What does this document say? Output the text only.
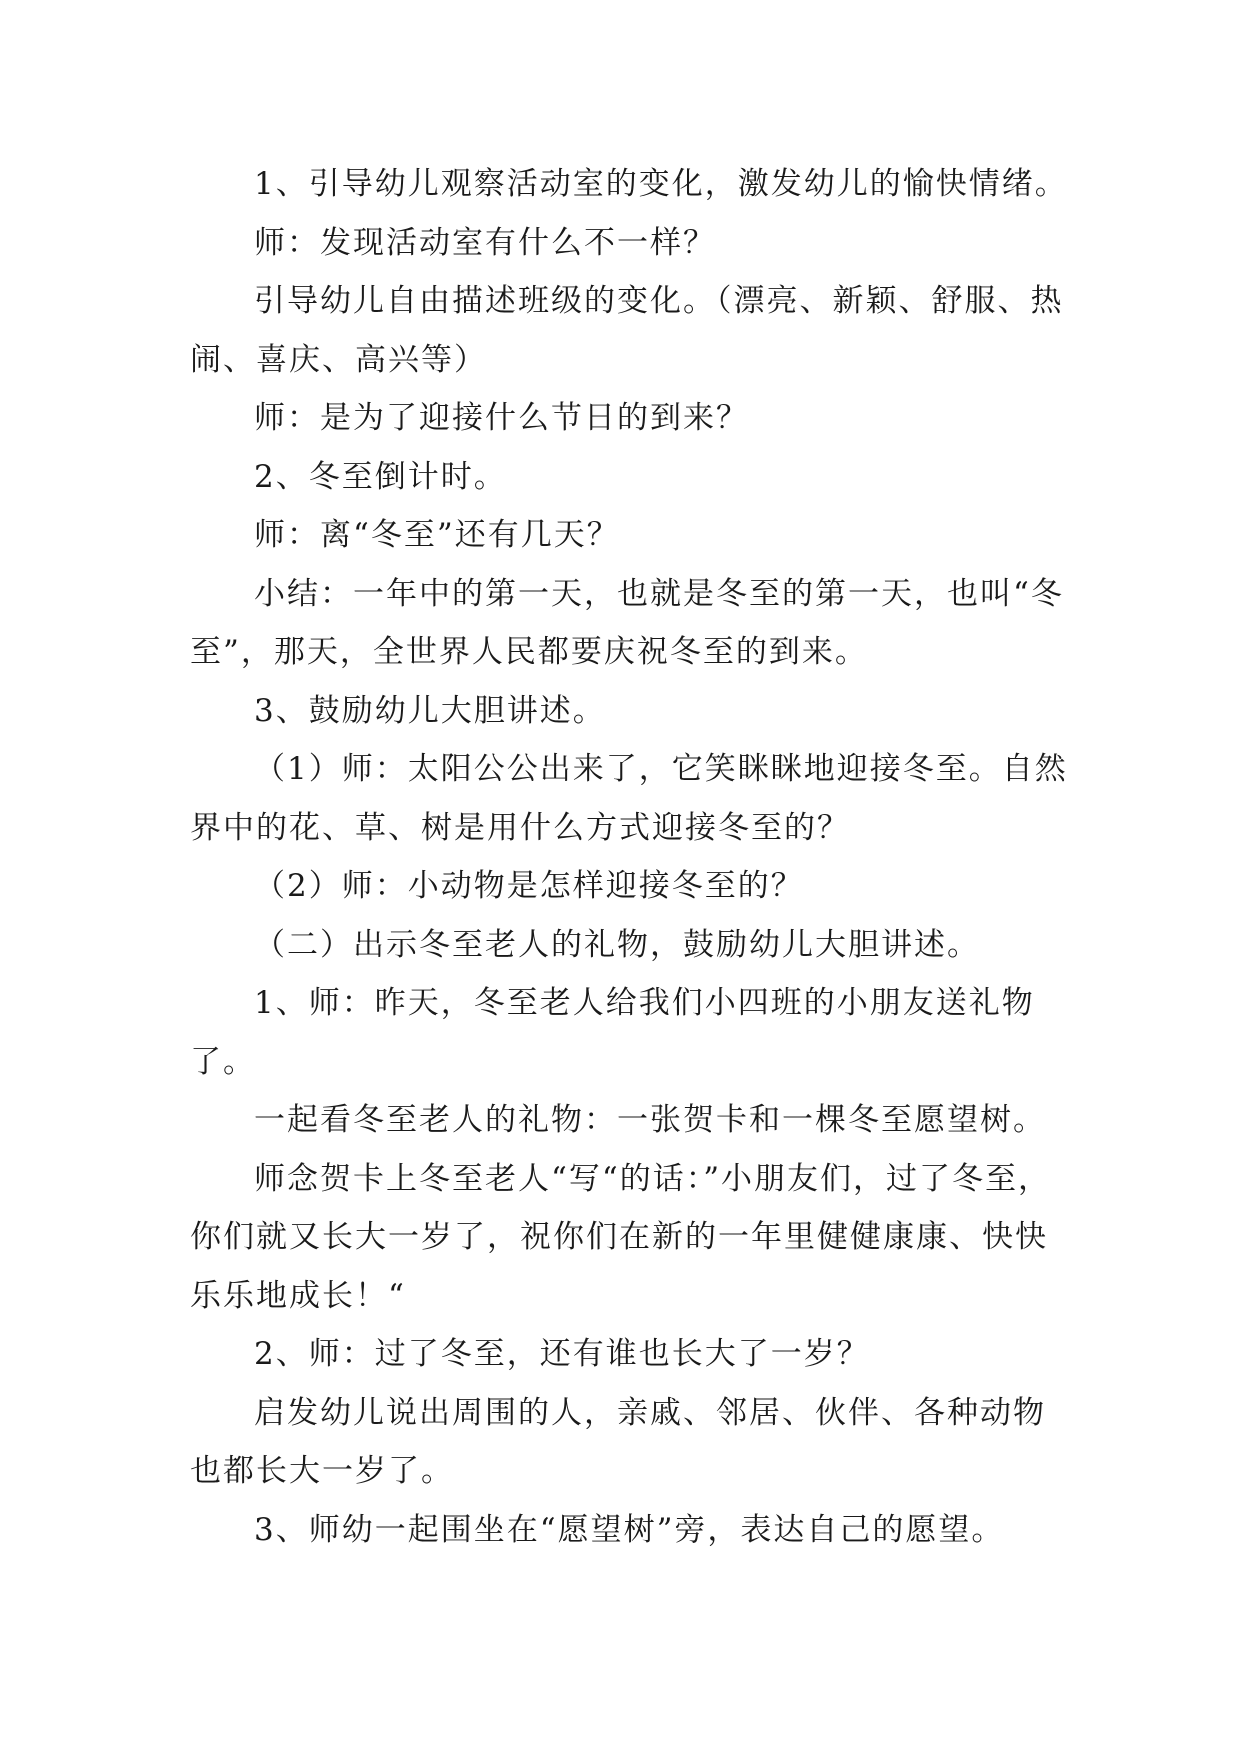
1、引导幼儿观察活动室的变化，激发幼儿的愉快情绪。

师：发现活动室有什么不一样？

引导幼儿自由描述班级的变化。（漂亮、新颖、舒服、热闹、喜庆、高兴等）

师：是为了迎接什么节日的到来？

2、冬至倒计时。

师：离“冬至”还有几天？

小结：一年中的第一天，也就是冬至的第一天，也叫“冬至”，那天，全世界人民都要庆祝冬至的到来。

3、鼓励幼儿大胆讲述。

（1）师：太阳公公出来了，它笑眯眯地迎接冬至。自然界中的花、草、树是用什么方式迎接冬至的？

（2）师：小动物是怎样迎接冬至的？

（二）出示冬至老人的礼物，鼓励幼儿大胆讲述。

1、师：昨天，冬至老人给我们小四班的小朋友送礼物了。

一起看冬至老人的礼物：一张贺卡和一棵冬至愿望树。

师念贺卡上冬至老人“写“的话：”小朋友们，过了冬至，你们就又长大一岁了，祝你们在新的一年里健健康康、快快乐乐地成长！“

2、师：过了冬至，还有谁也长大了一岁？

启发幼儿说出周围的人，亲戚、邻居、伙伴、各种动物也都长大一岁了。

3、师幼一起围坐在“愿望树”旁，表达自己的愿望。
